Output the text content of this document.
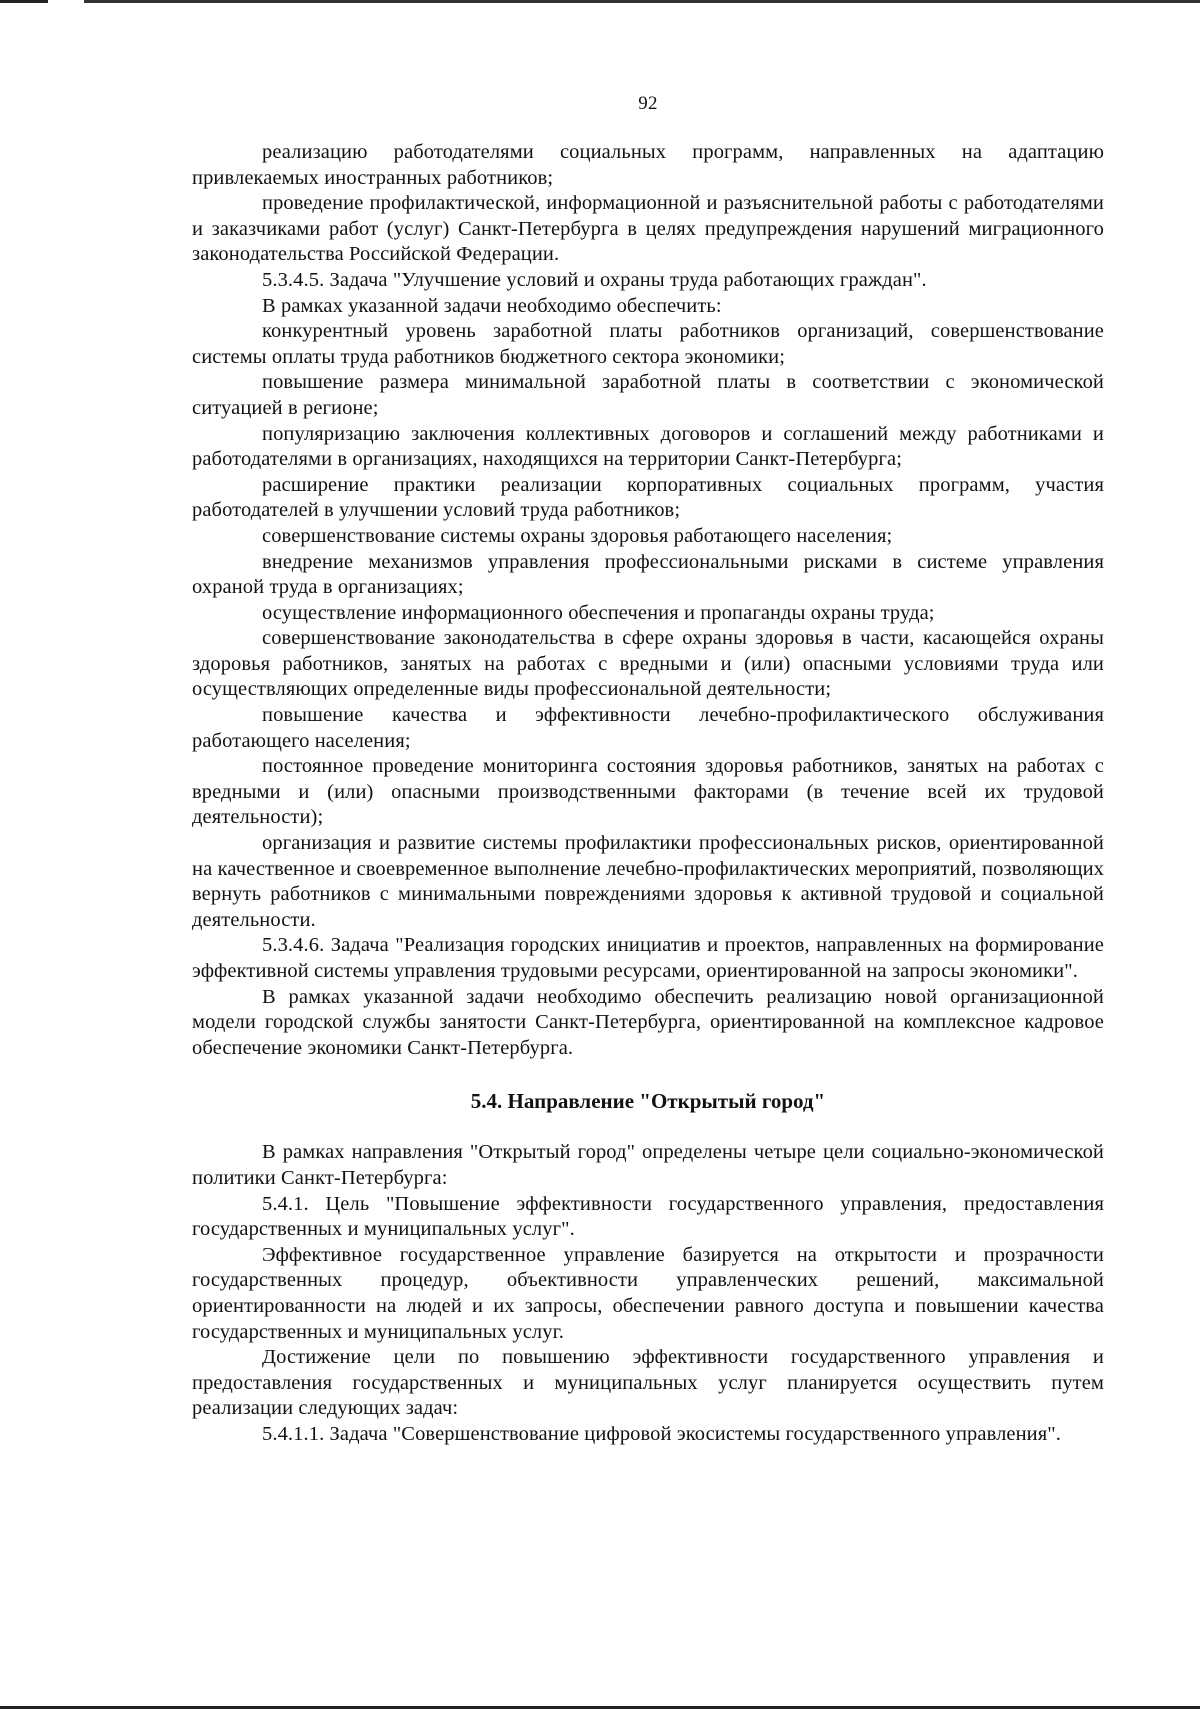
92

реализацию работодателями социальных программ, направленных на адаптацию привлекаемых иностранных работников;

проведение профилактической, информационной и разъяснительной работы с работодателями и заказчиками работ (услуг) Санкт-Петербурга в целях предупреждения нарушений миграционного законодательства Российской Федерации.

5.3.4.5. Задача "Улучшение условий и охраны труда работающих граждан".

В рамках указанной задачи необходимо обеспечить:

конкурентный уровень заработной платы работников организаций, совершенствование системы оплаты труда работников бюджетного сектора экономики;

повышение размера минимальной заработной платы в соответствии с экономической ситуацией в регионе;

популяризацию заключения коллективных договоров и соглашений между работниками и работодателями в организациях, находящихся на территории Санкт-Петербурга;

расширение практики реализации корпоративных социальных программ, участия работодателей в улучшении условий труда работников;

совершенствование системы охраны здоровья работающего населения;

внедрение механизмов управления профессиональными рисками в системе управления охраной труда в организациях;

осуществление информационного обеспечения и пропаганды охраны труда;

совершенствование законодательства в сфере охраны здоровья в части, касающейся охраны здоровья работников, занятых на работах с вредными и (или) опасными условиями труда или осуществляющих определенные виды профессиональной деятельности;

повышение качества и эффективности лечебно-профилактического обслуживания работающего населения;

постоянное проведение мониторинга состояния здоровья работников, занятых на работах с вредными и (или) опасными производственными факторами (в течение всей их трудовой деятельности);

организация и развитие системы профилактики профессиональных рисков, ориентированной на качественное и своевременное выполнение лечебно-профилактических мероприятий, позволяющих вернуть работников с минимальными повреждениями здоровья к активной трудовой и социальной деятельности.

5.3.4.6. Задача "Реализация городских инициатив и проектов, направленных на формирование эффективной системы управления трудовыми ресурсами, ориентированной на запросы экономики".

В рамках указанной задачи необходимо обеспечить реализацию новой организационной модели городской службы занятости Санкт-Петербурга, ориентированной на комплексное кадровое обеспечение экономики Санкт-Петербурга.

5.4. Направление "Открытый город"

В рамках направления "Открытый город" определены четыре цели социально-экономической политики Санкт-Петербурга:

5.4.1. Цель "Повышение эффективности государственного управления, предоставления государственных и муниципальных услуг".

Эффективное государственное управление базируется на открытости и прозрачности государственных процедур, объективности управленческих решений, максимальной ориентированности на людей и их запросы, обеспечении равного доступа и повышении качества государственных и муниципальных услуг.

Достижение цели по повышению эффективности государственного управления и предоставления государственных и муниципальных услуг планируется осуществить путем реализации следующих задач:

5.4.1.1. Задача "Совершенствование цифровой экосистемы государственного управления".
